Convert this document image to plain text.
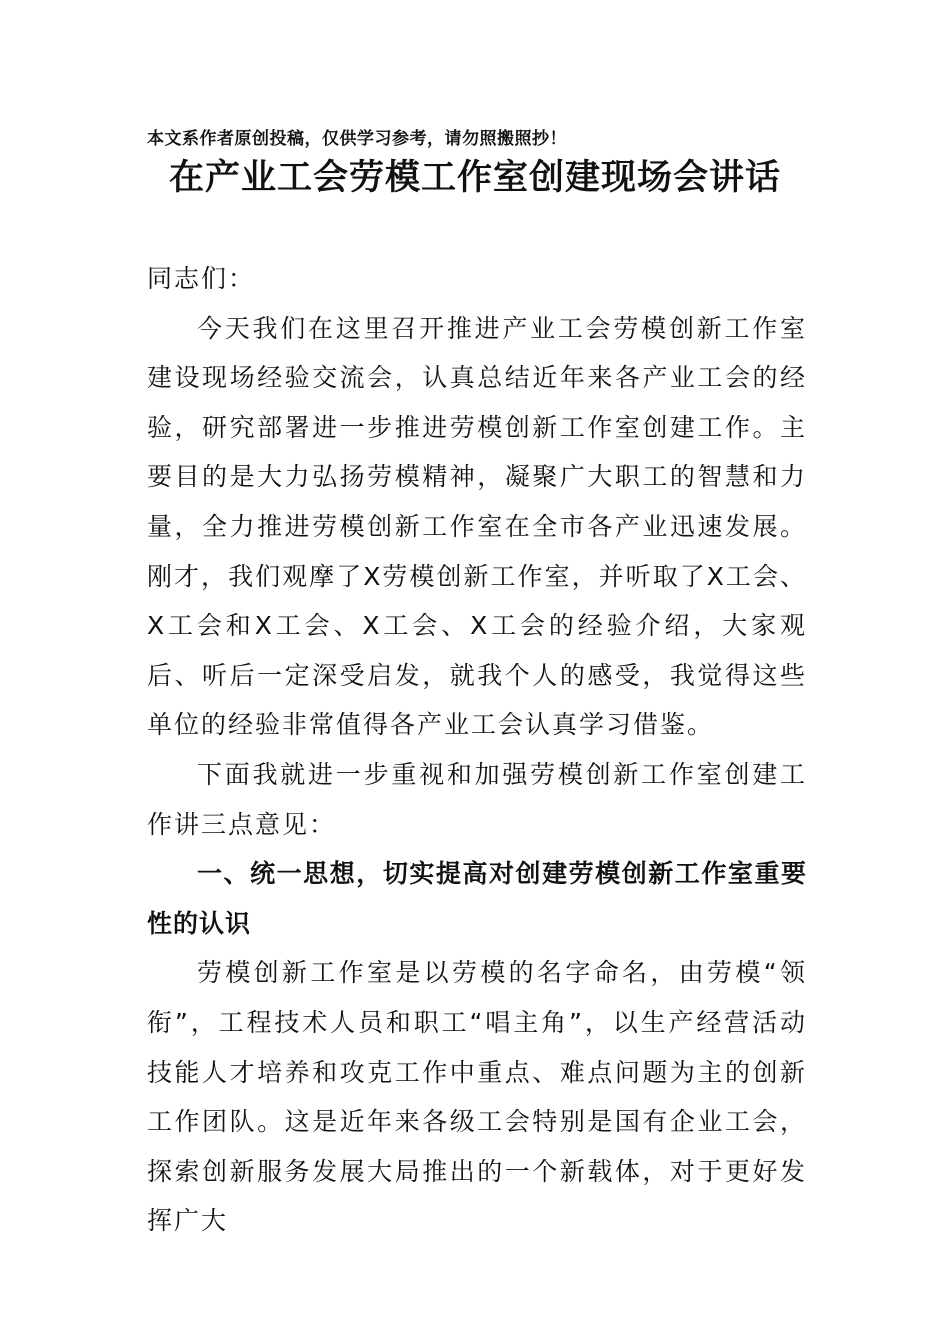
本文系作者原创投稿，仅供学习参考，请勿照搬照抄！
在产业工会劳模工作室创建现场会讲话

同志们：

今天我们在这里召开推进产业工会劳模创新工作室建设现场经验交流会，认真总结近年来各产业工会的经验，研究部署进一步推进劳模创新工作室创建工作。主要目的是大力弘扬劳模精神，凝聚广大职工的智慧和力量，全力推进劳模创新工作室在全市各产业迅速发展。刚才，我们观摩了X劳模创新工作室，并听取了X工会、X工会和X工会、X工会、X工会的经验介绍，大家观后、听后一定深受启发，就我个人的感受，我觉得这些单位的经验非常值得各产业工会认真学习借鉴。

下面我就进一步重视和加强劳模创新工作室创建工作讲三点意见：

一、统一思想，切实提高对创建劳模创新工作室重要性的认识

劳模创新工作室是以劳模的名字命名，由劳模“领衔”，工程技术人员和职工“唱主角”，以生产经营活动技能人才培养和攻克工作中重点、难点问题为主的创新工作团队。这是近年来各级工会特别是国有企业工会，探索创新服务发展大局推出的一个新载体，对于更好发挥广大
